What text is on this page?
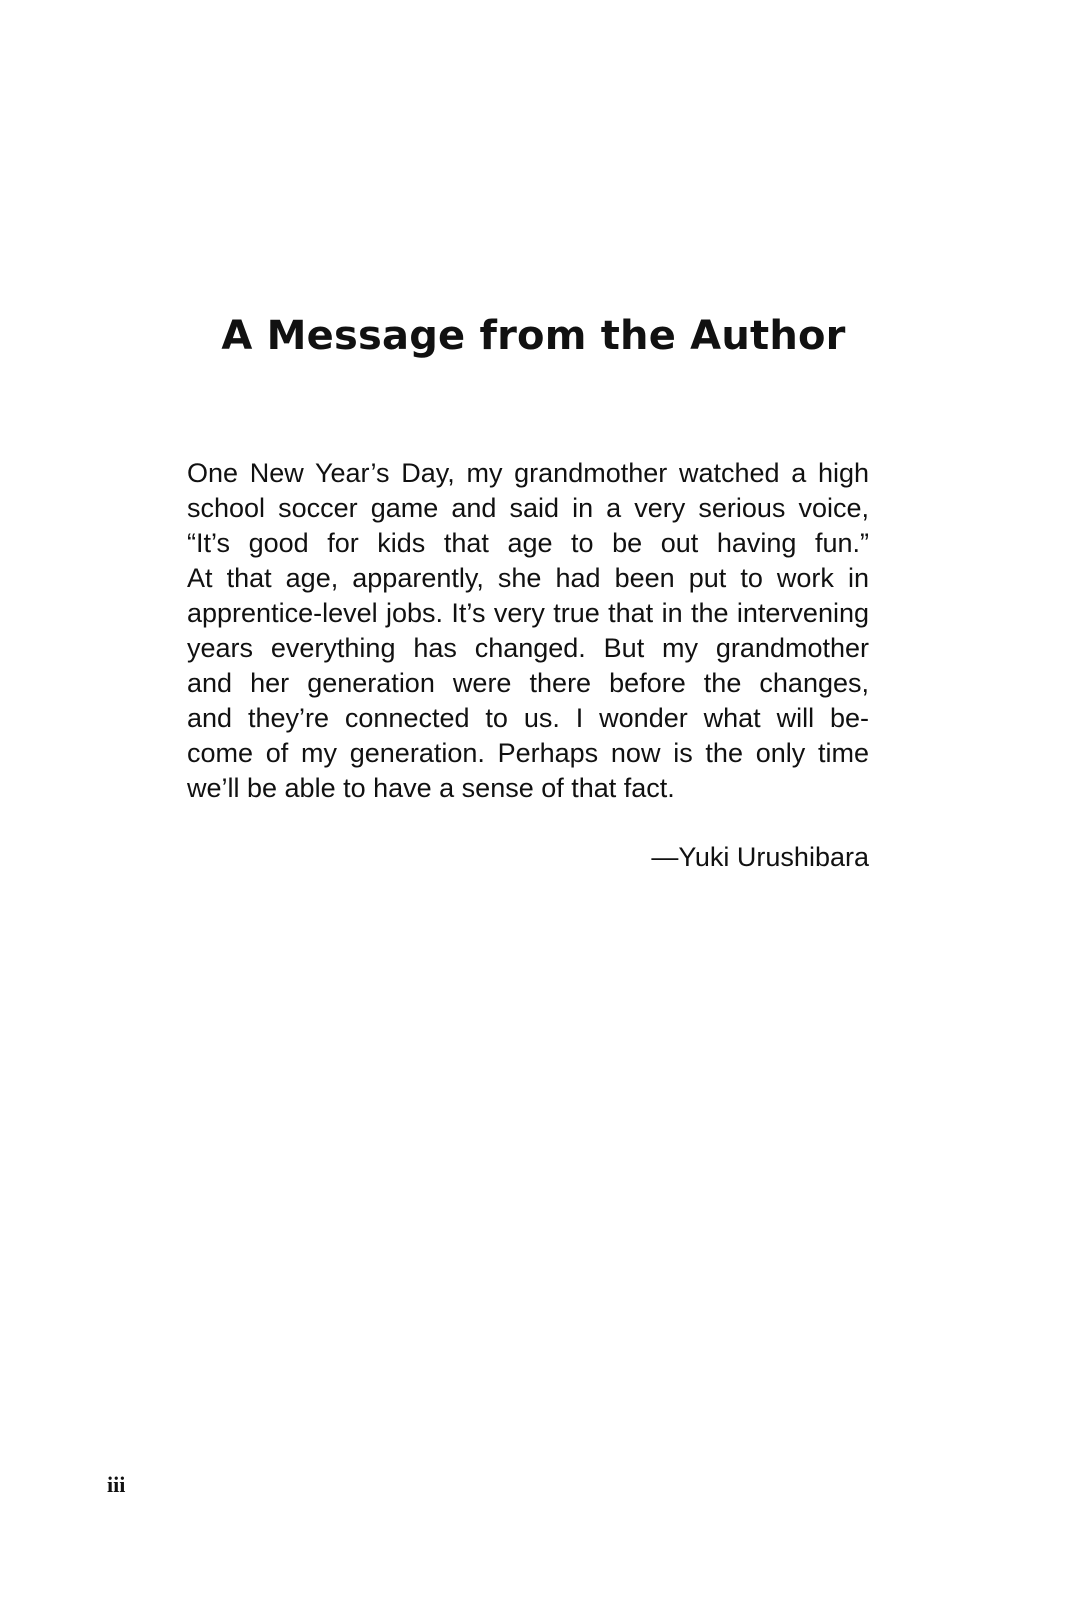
A Message from the Author
One New Year’s Day, my grandmother watched a high
school soccer game and said in a very serious voice,
“It’s good for kids that age to be out having fun.”
At that age, apparently, she had been put to work in
apprentice-level jobs. It’s very true that in the intervening
years everything has changed. But my grandmother
and her generation were there before the changes,
and they’re connected to us. I wonder what will be-
come of my generation. Perhaps now is the only time
we’ll be able to have a sense of that fact.

—Yuki Urushibara

iii
